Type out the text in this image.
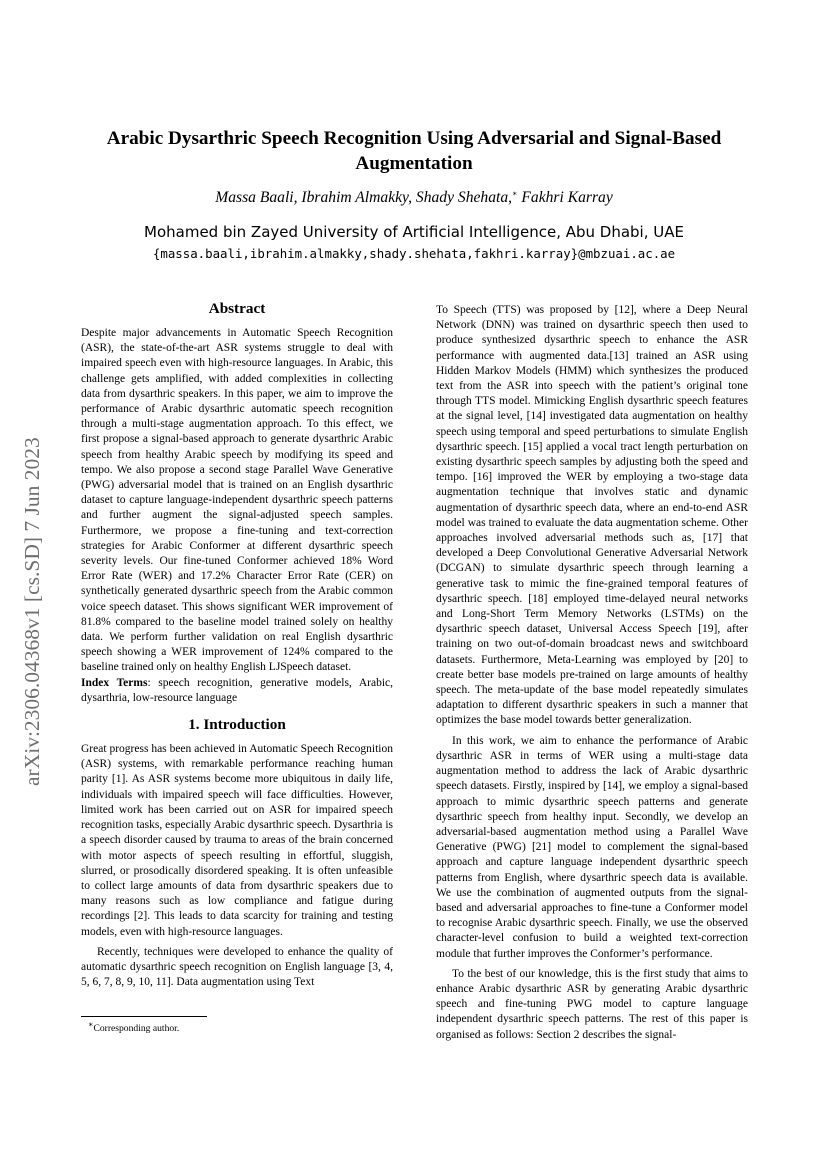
Arabic Dysarthric Speech Recognition Using Adversarial and Signal-Based Augmentation

Massa Baali, Ibrahim Almakky, Shady Shehata,∗ Fakhri Karray

Mohamed bin Zayed University of Artificial Intelligence, Abu Dhabi, UAE

{massa.baali,ibrahim.almakky,shady.shehata,fakhri.karray}@mbzuai.ac.ae

arXiv:2306.04368v1 [cs.SD] 7 Jun 2023

Abstract

Despite major advancements in Automatic Speech Recognition (ASR), the state-of-the-art ASR systems struggle to deal with impaired speech even with high-resource languages. In Arabic, this challenge gets amplified, with added complexities in collecting data from dysarthric speakers. In this paper, we aim to improve the performance of Arabic dysarthric automatic speech recognition through a multi-stage augmentation approach. To this effect, we first propose a signal-based approach to generate dysarthric Arabic speech from healthy Arabic speech by modifying its speed and tempo. We also propose a second stage Parallel Wave Generative (PWG) adversarial model that is trained on an English dysarthric dataset to capture language-independent dysarthric speech patterns and further augment the signal-adjusted speech samples. Furthermore, we propose a fine-tuning and text-correction strategies for Arabic Conformer at different dysarthric speech severity levels. Our fine-tuned Conformer achieved 18% Word Error Rate (WER) and 17.2% Character Error Rate (CER) on synthetically generated dysarthric speech from the Arabic common voice speech dataset. This shows significant WER improvement of 81.8% compared to the baseline model trained solely on healthy data. We perform further validation on real English dysarthric speech showing a WER improvement of 124% compared to the baseline trained only on healthy English LJSpeech dataset.

Index Terms: speech recognition, generative models, Arabic, dysarthria, low-resource language

1. Introduction

Great progress has been achieved in Automatic Speech Recognition (ASR) systems, with remarkable performance reaching human parity [1]. As ASR systems become more ubiquitous in daily life, individuals with impaired speech will face difficulties. However, limited work has been carried out on ASR for impaired speech recognition tasks, especially Arabic dysarthric speech. Dysarthria is a speech disorder caused by trauma to areas of the brain concerned with motor aspects of speech resulting in effortful, sluggish, slurred, or prosodically disordered speaking. It is often unfeasible to collect large amounts of data from dysarthric speakers due to many reasons such as low compliance and fatigue during recordings [2]. This leads to data scarcity for training and testing models, even with high-resource languages.

Recently, techniques were developed to enhance the quality of automatic dysarthric speech recognition on English language [3, 4, 5, 6, 7, 8, 9, 10, 11]. Data augmentation using Text

To Speech (TTS) was proposed by [12], where a Deep Neural Network (DNN) was trained on dysarthric speech then used to produce synthesized dysarthric speech to enhance the ASR performance with augmented data.[13] trained an ASR using Hidden Markov Models (HMM) which synthesizes the produced text from the ASR into speech with the patient’s original tone through TTS model. Mimicking English dysarthric speech features at the signal level, [14] investigated data augmentation on healthy speech using temporal and speed perturbations to simulate English dysarthric speech. [15] applied a vocal tract length perturbation on existing dysarthric speech samples by adjusting both the speed and tempo. [16] improved the WER by employing a two-stage data augmentation technique that involves static and dynamic augmentation of dysarthric speech data, where an end-to-end ASR model was trained to evaluate the data augmentation scheme. Other approaches involved adversarial methods such as, [17] that developed a Deep Convolutional Generative Adversarial Network (DCGAN) to simulate dysarthric speech through learning a generative task to mimic the fine-grained temporal features of dysarthric speech. [18] employed time-delayed neural networks and Long-Short Term Memory Networks (LSTMs) on the dysarthric speech dataset, Universal Access Speech [19], after training on two out-of-domain broadcast news and switchboard datasets. Furthermore, Meta-Learning was employed by [20] to create better base models pre-trained on large amounts of healthy speech. The meta-update of the base model repeatedly simulates adaptation to different dysarthric speakers in such a manner that optimizes the base model towards better generalization.

In this work, we aim to enhance the performance of Arabic dysarthric ASR in terms of WER using a multi-stage data augmentation method to address the lack of Arabic dysarthric speech datasets. Firstly, inspired by [14], we employ a signal-based approach to mimic dysarthric speech patterns and generate dysarthric speech from healthy input. Secondly, we develop an adversarial-based augmentation method using a Parallel Wave Generative (PWG) [21] model to complement the signal-based approach and capture language independent dysarthric speech patterns from English, where dysarthric speech data is available. We use the combination of augmented outputs from the signal-based and adversarial approaches to fine-tune a Conformer model to recognise Arabic dysarthric speech. Finally, we use the observed character-level confusion to build a weighted text-correction module that further improves the Conformer’s performance.

To the best of our knowledge, this is the first study that aims to enhance Arabic dysarthric ASR by generating Arabic dysarthric speech and fine-tuning PWG model to capture language independent dysarthric speech patterns. The rest of this paper is organised as follows: Section 2 describes the signal-

∗Corresponding author.
